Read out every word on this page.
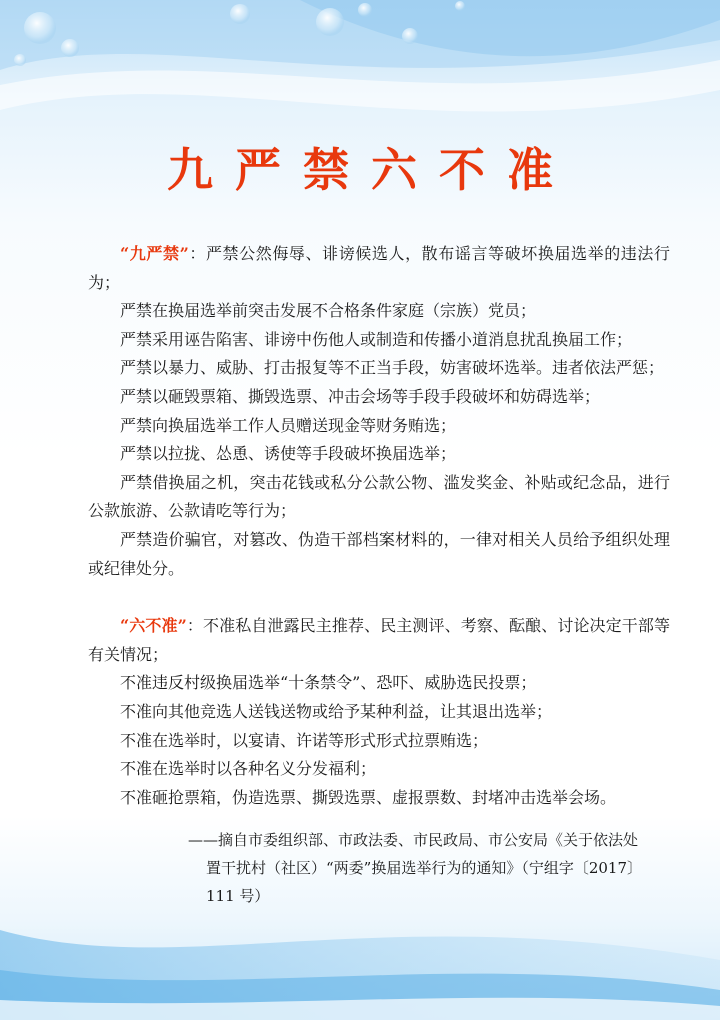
九严禁六不准

“九严禁”：严禁公然侮辱、诽谤候选人，散布谣言等破坏换届选举的违法行为；

严禁在换届选举前突击发展不合格条件家庭（宗族）党员；

严禁采用诬告陷害、诽谤中伤他人或制造和传播小道消息扰乱换届工作；

严禁以暴力、威胁、打击报复等不正当手段，妨害破坏选举。违者依法严惩；

严禁以砸毁票箱、撕毁选票、冲击会场等手段手段破坏和妨碍选举；

严禁向换届选举工作人员赠送现金等财务贿选；

严禁以拉拢、怂恿、诱使等手段破坏换届选举；

严禁借换届之机，突击花钱或私分公款公物、滥发奖金、补贴或纪念品，进行公款旅游、公款请吃等行为；

严禁造价骗官，对篡改、伪造干部档案材料的，一律对相关人员给予组织处理或纪律处分。

“六不准”：不准私自泄露民主推荐、民主测评、考察、酝酿、讨论决定干部等有关情况；

不准违反村级换届选举“十条禁令”、恐吓、威胁选民投票；

不准向其他竞选人送钱送物或给予某种利益，让其退出选举；

不准在选举时，以宴请、许诺等形式形式拉票贿选；

不准在选举时以各种名义分发福利；

不准砸抢票箱，伪造选票、撕毁选票、虚报票数、封堵冲击选举会场。

——摘自市委组织部、市政法委、市民政局、市公安局《关于依法处
置干扰村（社区）“两委”换届选举行为的通知》（宁组字〔2017〕111 号）
